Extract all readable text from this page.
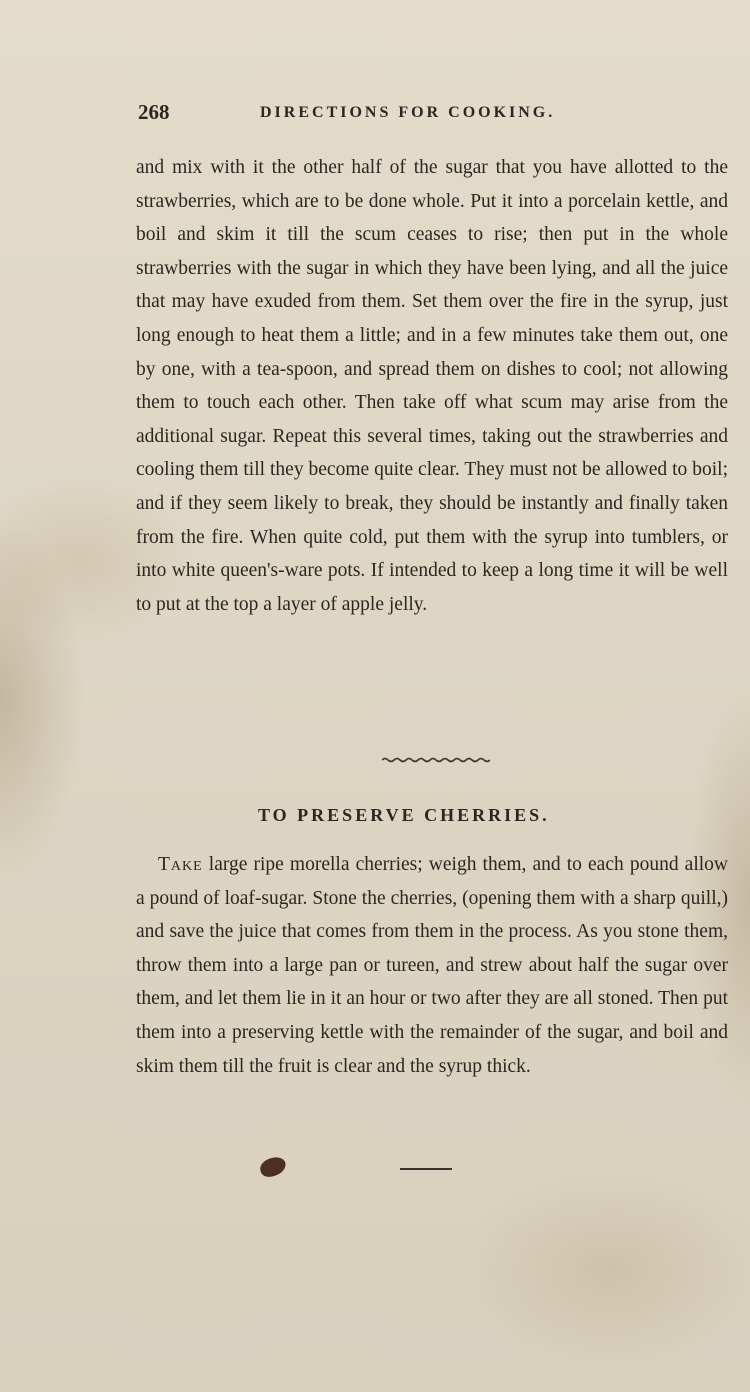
268	DIRECTIONS FOR COOKING.

and mix with it the other half of the sugar that you have allotted to the strawberries, which are to be done whole. Put it into a porcelain kettle, and boil and skim it till the scum ceases to rise; then put in the whole strawberries with the sugar in which they have been lying, and all the juice that may have exuded from them. Set them over the fire in the syrup, just long enough to heat them a little; and in a few minutes take them out, one by one, with a tea-spoon, and spread them on dishes to cool; not allowing them to touch each other. Then take off what scum may arise from the additional sugar. Repeat this several times, taking out the strawberries and cooling them till they become quite clear. They must not be allowed to boil; and if they seem likely to break, they should be instantly and finally taken from the fire. When quite cold, put them with the syrup into tumblers, or into white queen's-ware pots. If intended to keep a long time it will be well to put at the top a layer of apple jelly.

TO PRESERVE CHERRIES.

Take large ripe morella cherries; weigh them, and to each pound allow a pound of loaf-sugar. Stone the cherries, (opening them with a sharp quill,) and save the juice that comes from them in the process. As you stone them, throw them into a large pan or tureen, and strew about half the sugar over them, and let them lie in it an hour or two after they are all stoned. Then put them into a preserving kettle with the remainder of the sugar, and boil and skim them till the fruit is clear and the syrup thick.
